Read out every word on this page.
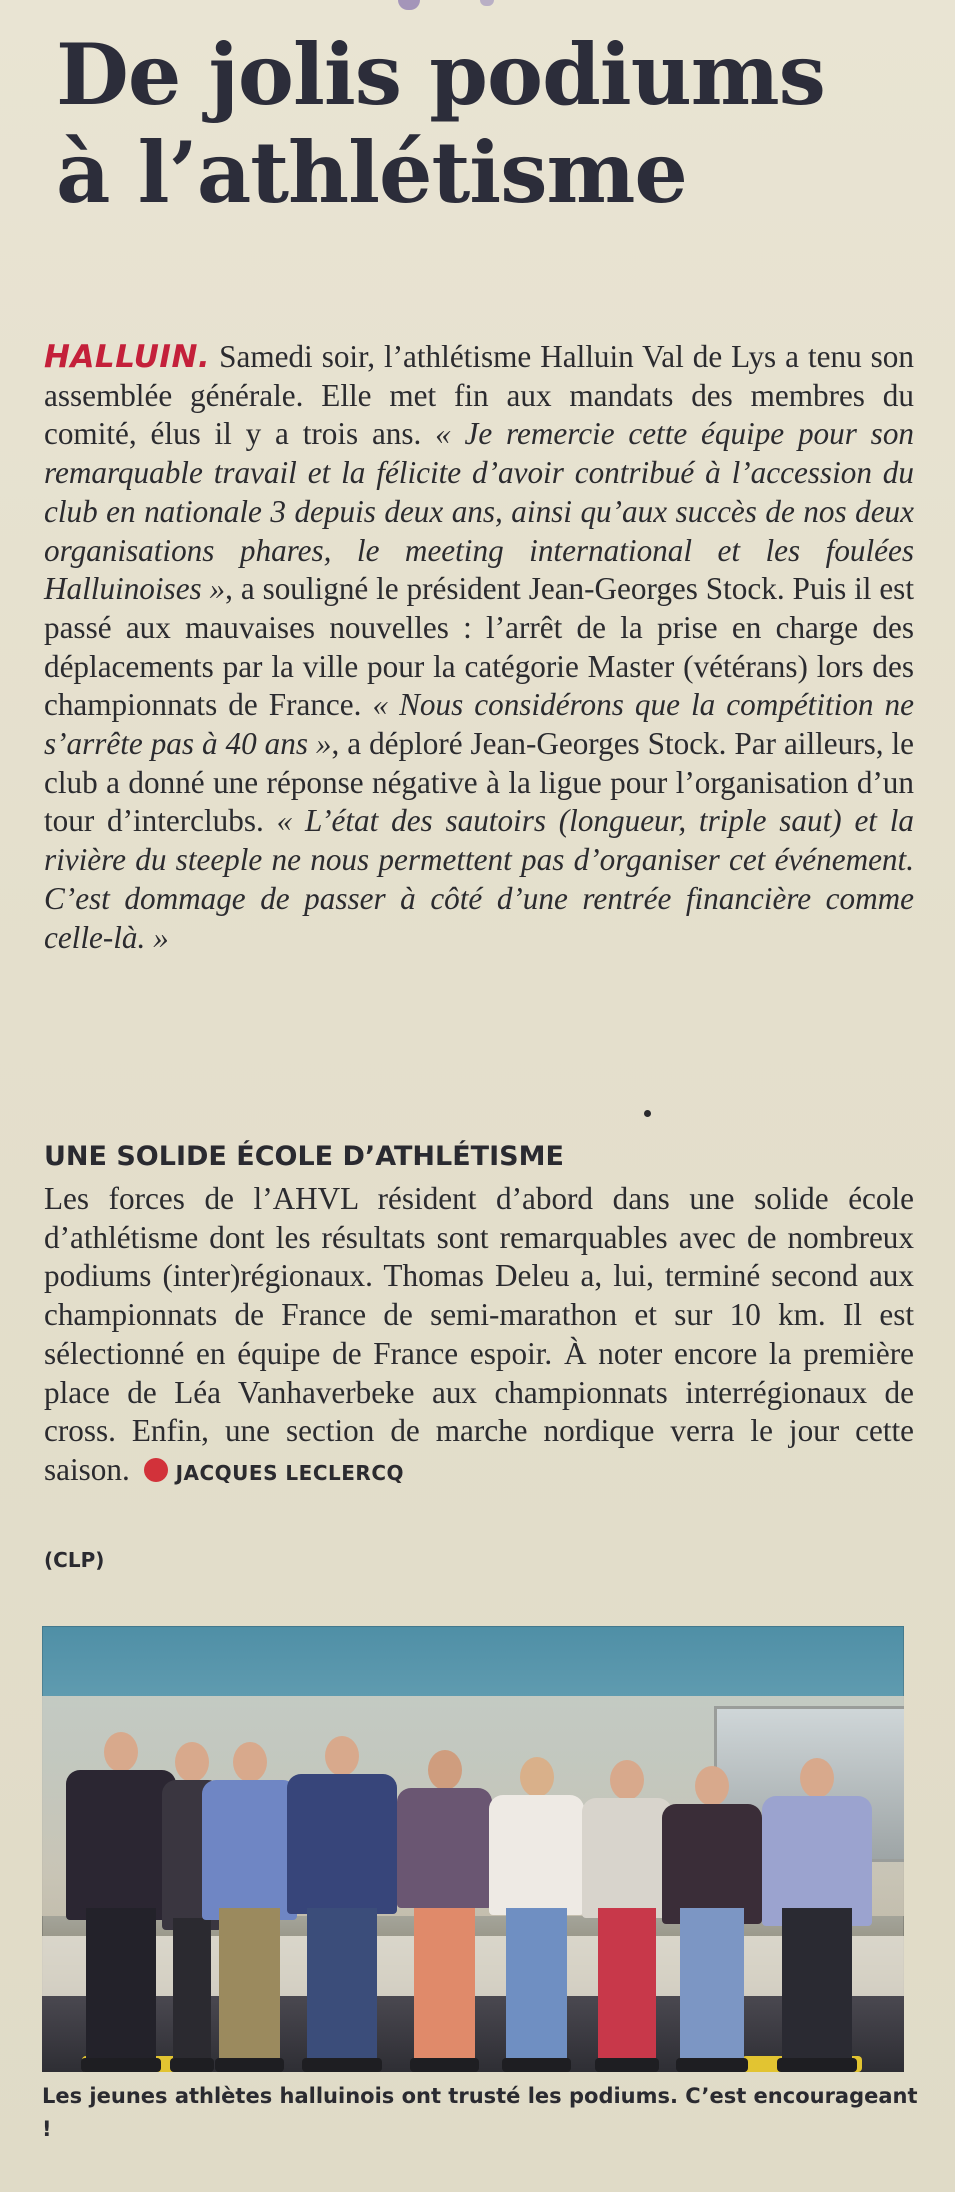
De jolis podiums
à l’athlétisme

HALLUIN. Samedi soir, l’athlétisme Halluin Val de Lys a tenu son assemblée générale. Elle met fin aux mandats des membres du comité, élus il y a trois ans. « Je remercie cette équipe pour son remarquable travail et la félicite d’avoir contribué à l’accession du club en nationale 3 depuis deux ans, ainsi qu’aux succès de nos deux organisations phares, le meeting international et les foulées Halluinoises », a souligné le président Jean-Georges Stock. Puis il est passé aux mauvaises nouvelles : l’arrêt de la prise en charge des déplacements par la ville pour la catégorie Master (vétérans) lors des championnats de France. « Nous considérons que la compétition ne s’arrête pas à 40 ans », a déploré Jean-Georges Stock. Par ailleurs, le club a donné une réponse négative à la ligue pour l’organisation d’un tour d’interclubs. « L’état des sautoirs (longueur, triple saut) et la rivière du steeple ne nous permettent pas d’organiser cet événement. C’est dommage de passer à côté d’une rentrée financière comme celle-là. »

UNE SOLIDE ÉCOLE D’ATHLÉTISME

Les forces de l’AHVL résident d’abord dans une solide école d’athlétisme dont les résultats sont remarquables avec de nombreux podiums (inter)régionaux. Thomas Deleu a, lui, terminé second aux championnats de France de semi-marathon et sur 10 km. Il est sélectionné en équipe de France espoir. À noter encore la première place de Léa Vanhaverbeke aux championnats interrégionaux de cross. Enfin, une section de marche nordique verra le jour cette saison. JACQUES LECLERCQ

(CLP)

Les jeunes athlètes halluinois ont trusté les podiums. C’est encourageant !
